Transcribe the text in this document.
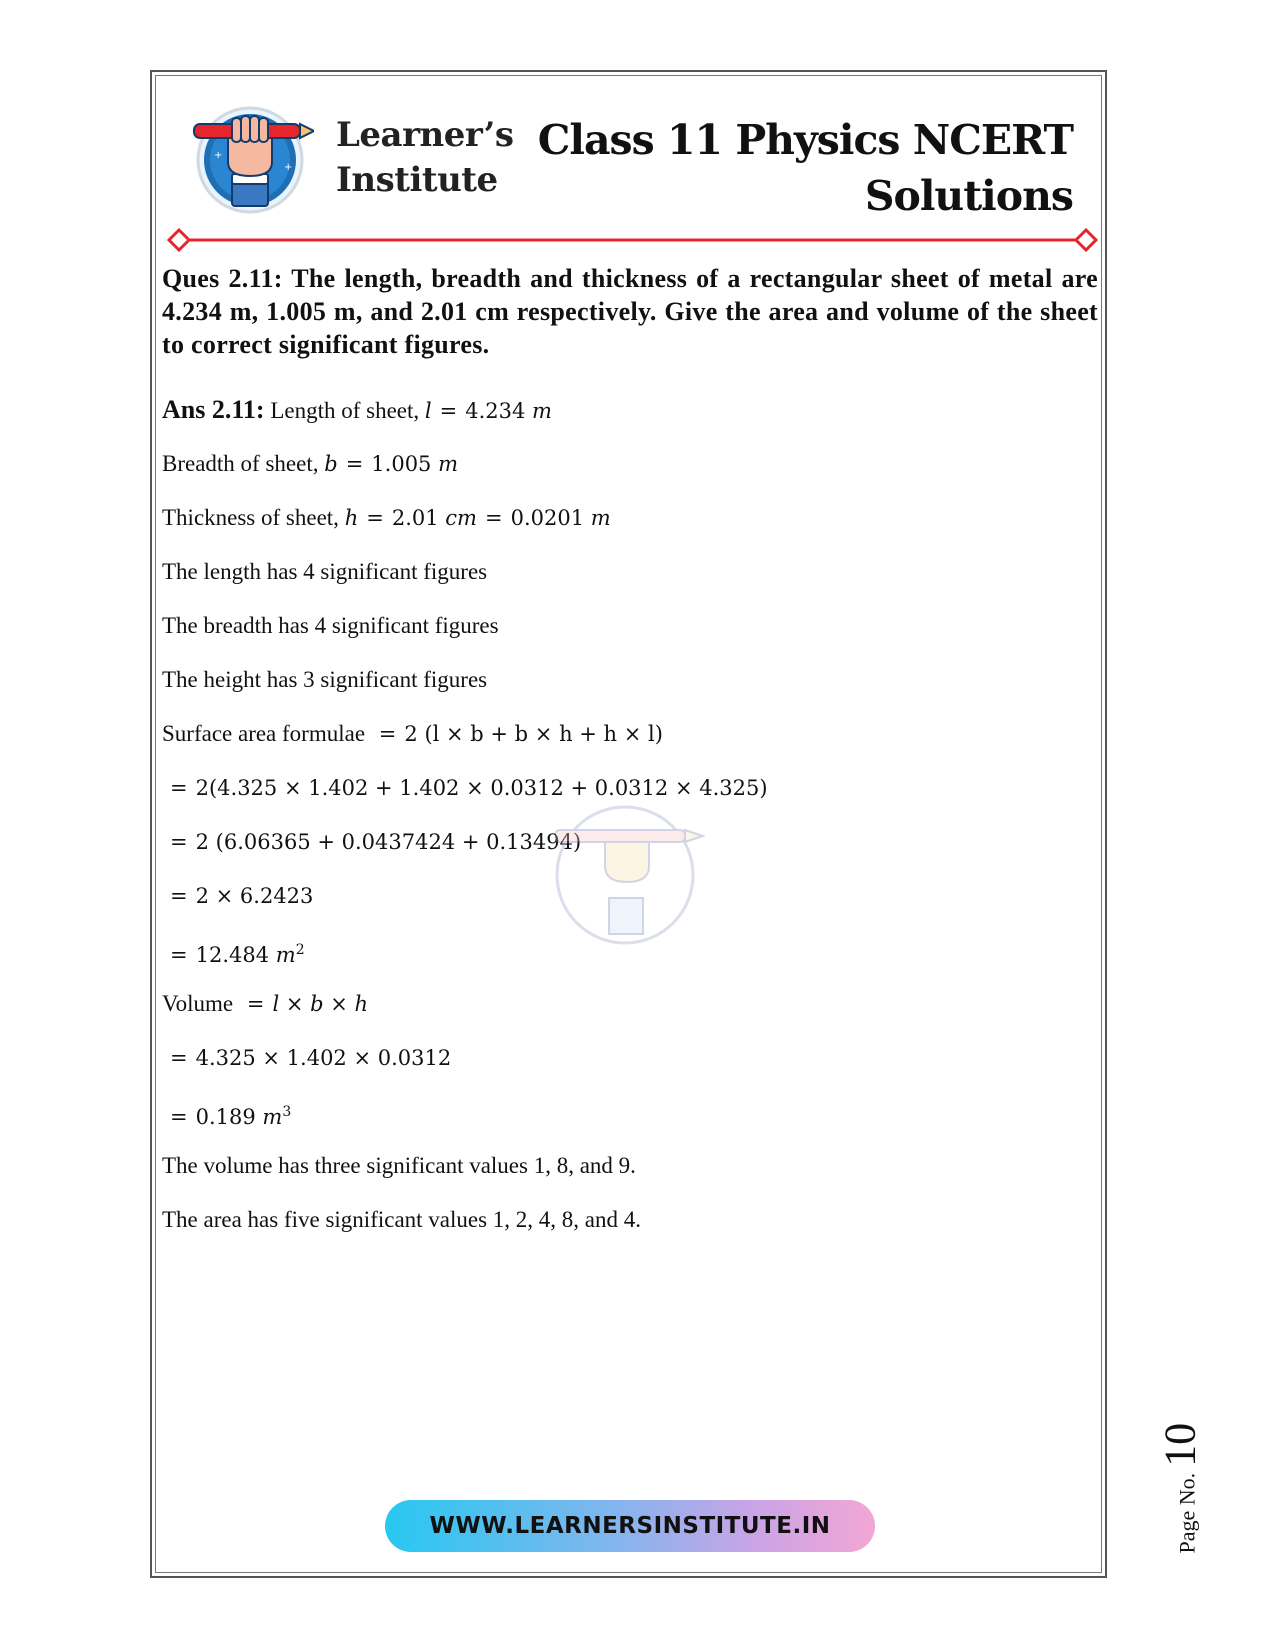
+
+
Learner’s
Institute
Class 11 Physics NCERT
Solutions
Ques 2.11: The length, breadth and thickness of a rectangular sheet of metal are 4.234 m, 1.005 m, and 2.01 cm respectively. Give the area and volume of the sheet to correct significant figures.
Ans 2.11: Length of sheet, l = 4.234 m
Breadth of sheet, b = 1.005 m
Thickness of sheet, h = 2.01 cm = 0.0201 m
The length has 4 significant figures
The breadth has 4 significant figures
The height has 3 significant figures
Surface area formulae = 2 (l × b + b × h + h × l)
= 2(4.325 × 1.402 + 1.402 × 0.0312 + 0.0312 × 4.325)
= 2 (6.06365 + 0.0437424 + 0.13494)
= 2 × 6.2423
= 12.484 $m^2$
Volume = l × b × h
= 4.325 × 1.402 × 0.0312
= 0.189 $m^3$
The volume has three significant values 1, 8, and 9.
The area has five significant values 1, 2, 4, 8, and 4.
WWW.LEARNERSINSTITUTE.IN	Page No.10
